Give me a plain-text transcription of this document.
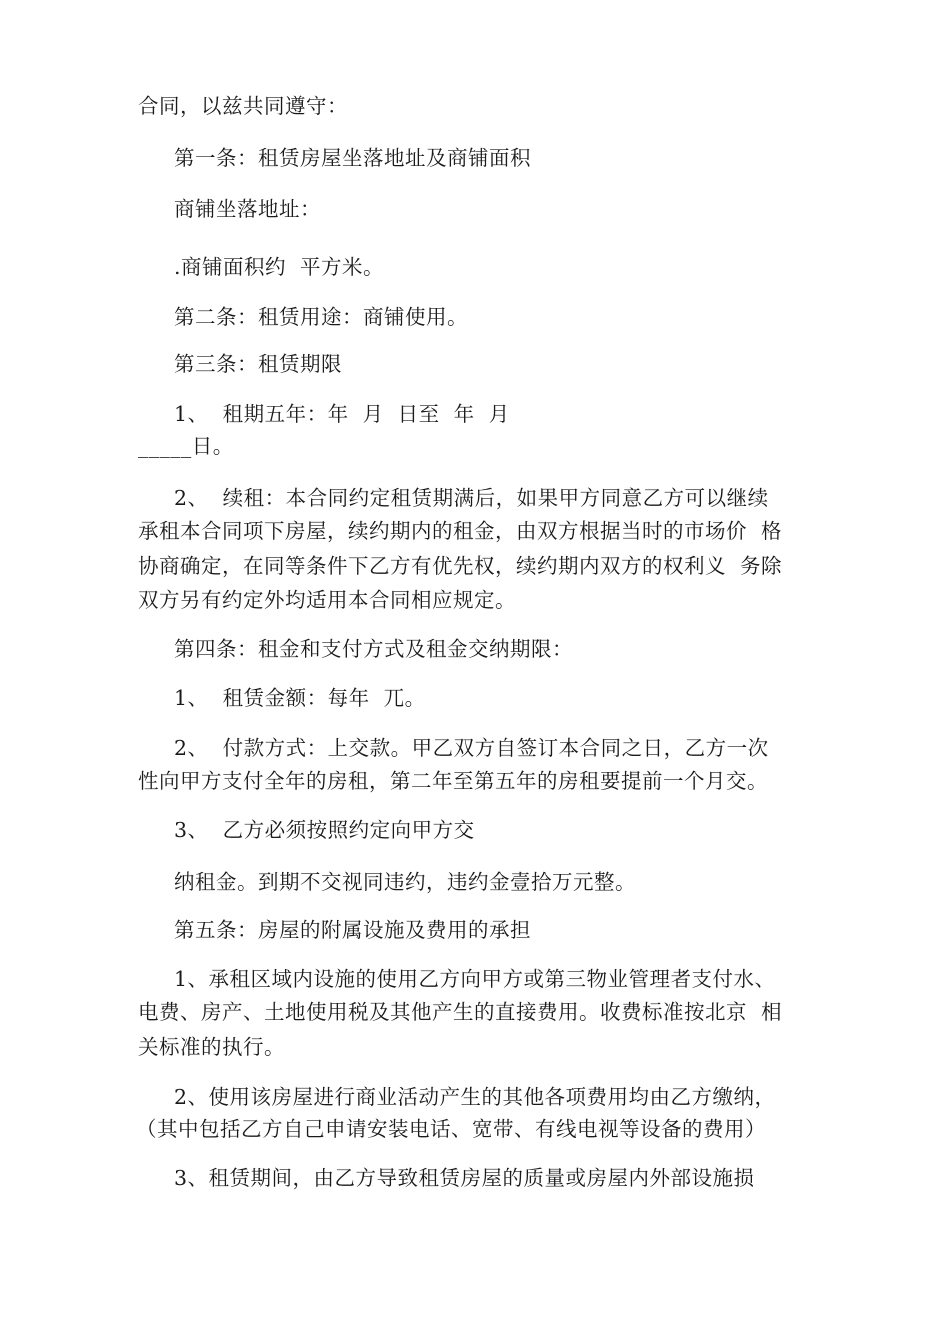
合同，以兹共同遵守：
第一条：租赁房屋坐落地址及商铺面积
商铺坐落地址：
.商铺面积约  平方米。
第二条：租赁用途：商铺使用。
第三条：租赁期限
1、  租期五年：年  月  日至  年  月
_____日。
2、  续租：本合同约定租赁期满后，如果甲方同意乙方可以继续
承租本合同项下房屋，续约期内的租金，由双方根据当时的市场价  格
协商确定，在同等条件下乙方有优先权，续约期内双方的权利义  务除
双方另有约定外均适用本合同相应规定。
第四条：租金和支付方式及租金交纳期限：
1、  租赁金额：每年  兀。
2、  付款方式：上交款。甲乙双方自签订本合同之日，乙方一次
性向甲方支付全年的房租，第二年至第五年的房租要提前一个月交。
3、  乙方必须按照约定向甲方交
纳租金。到期不交视同违约，违约金壹拾万元整。
第五条：房屋的附属设施及费用的承担
1、承租区域内设施的使用乙方向甲方或第三物业管理者支付水、
电费、房产、土地使用税及其他产生的直接费用。收费标准按北京  相
关标准的执行。
2、使用该房屋进行商业活动产生的其他各项费用均由乙方缴纳，
（其中包括乙方自己申请安装电话、宽带、有线电视等设备的费用）
3、租赁期间，由乙方导致租赁房屋的质量或房屋内外部设施损
